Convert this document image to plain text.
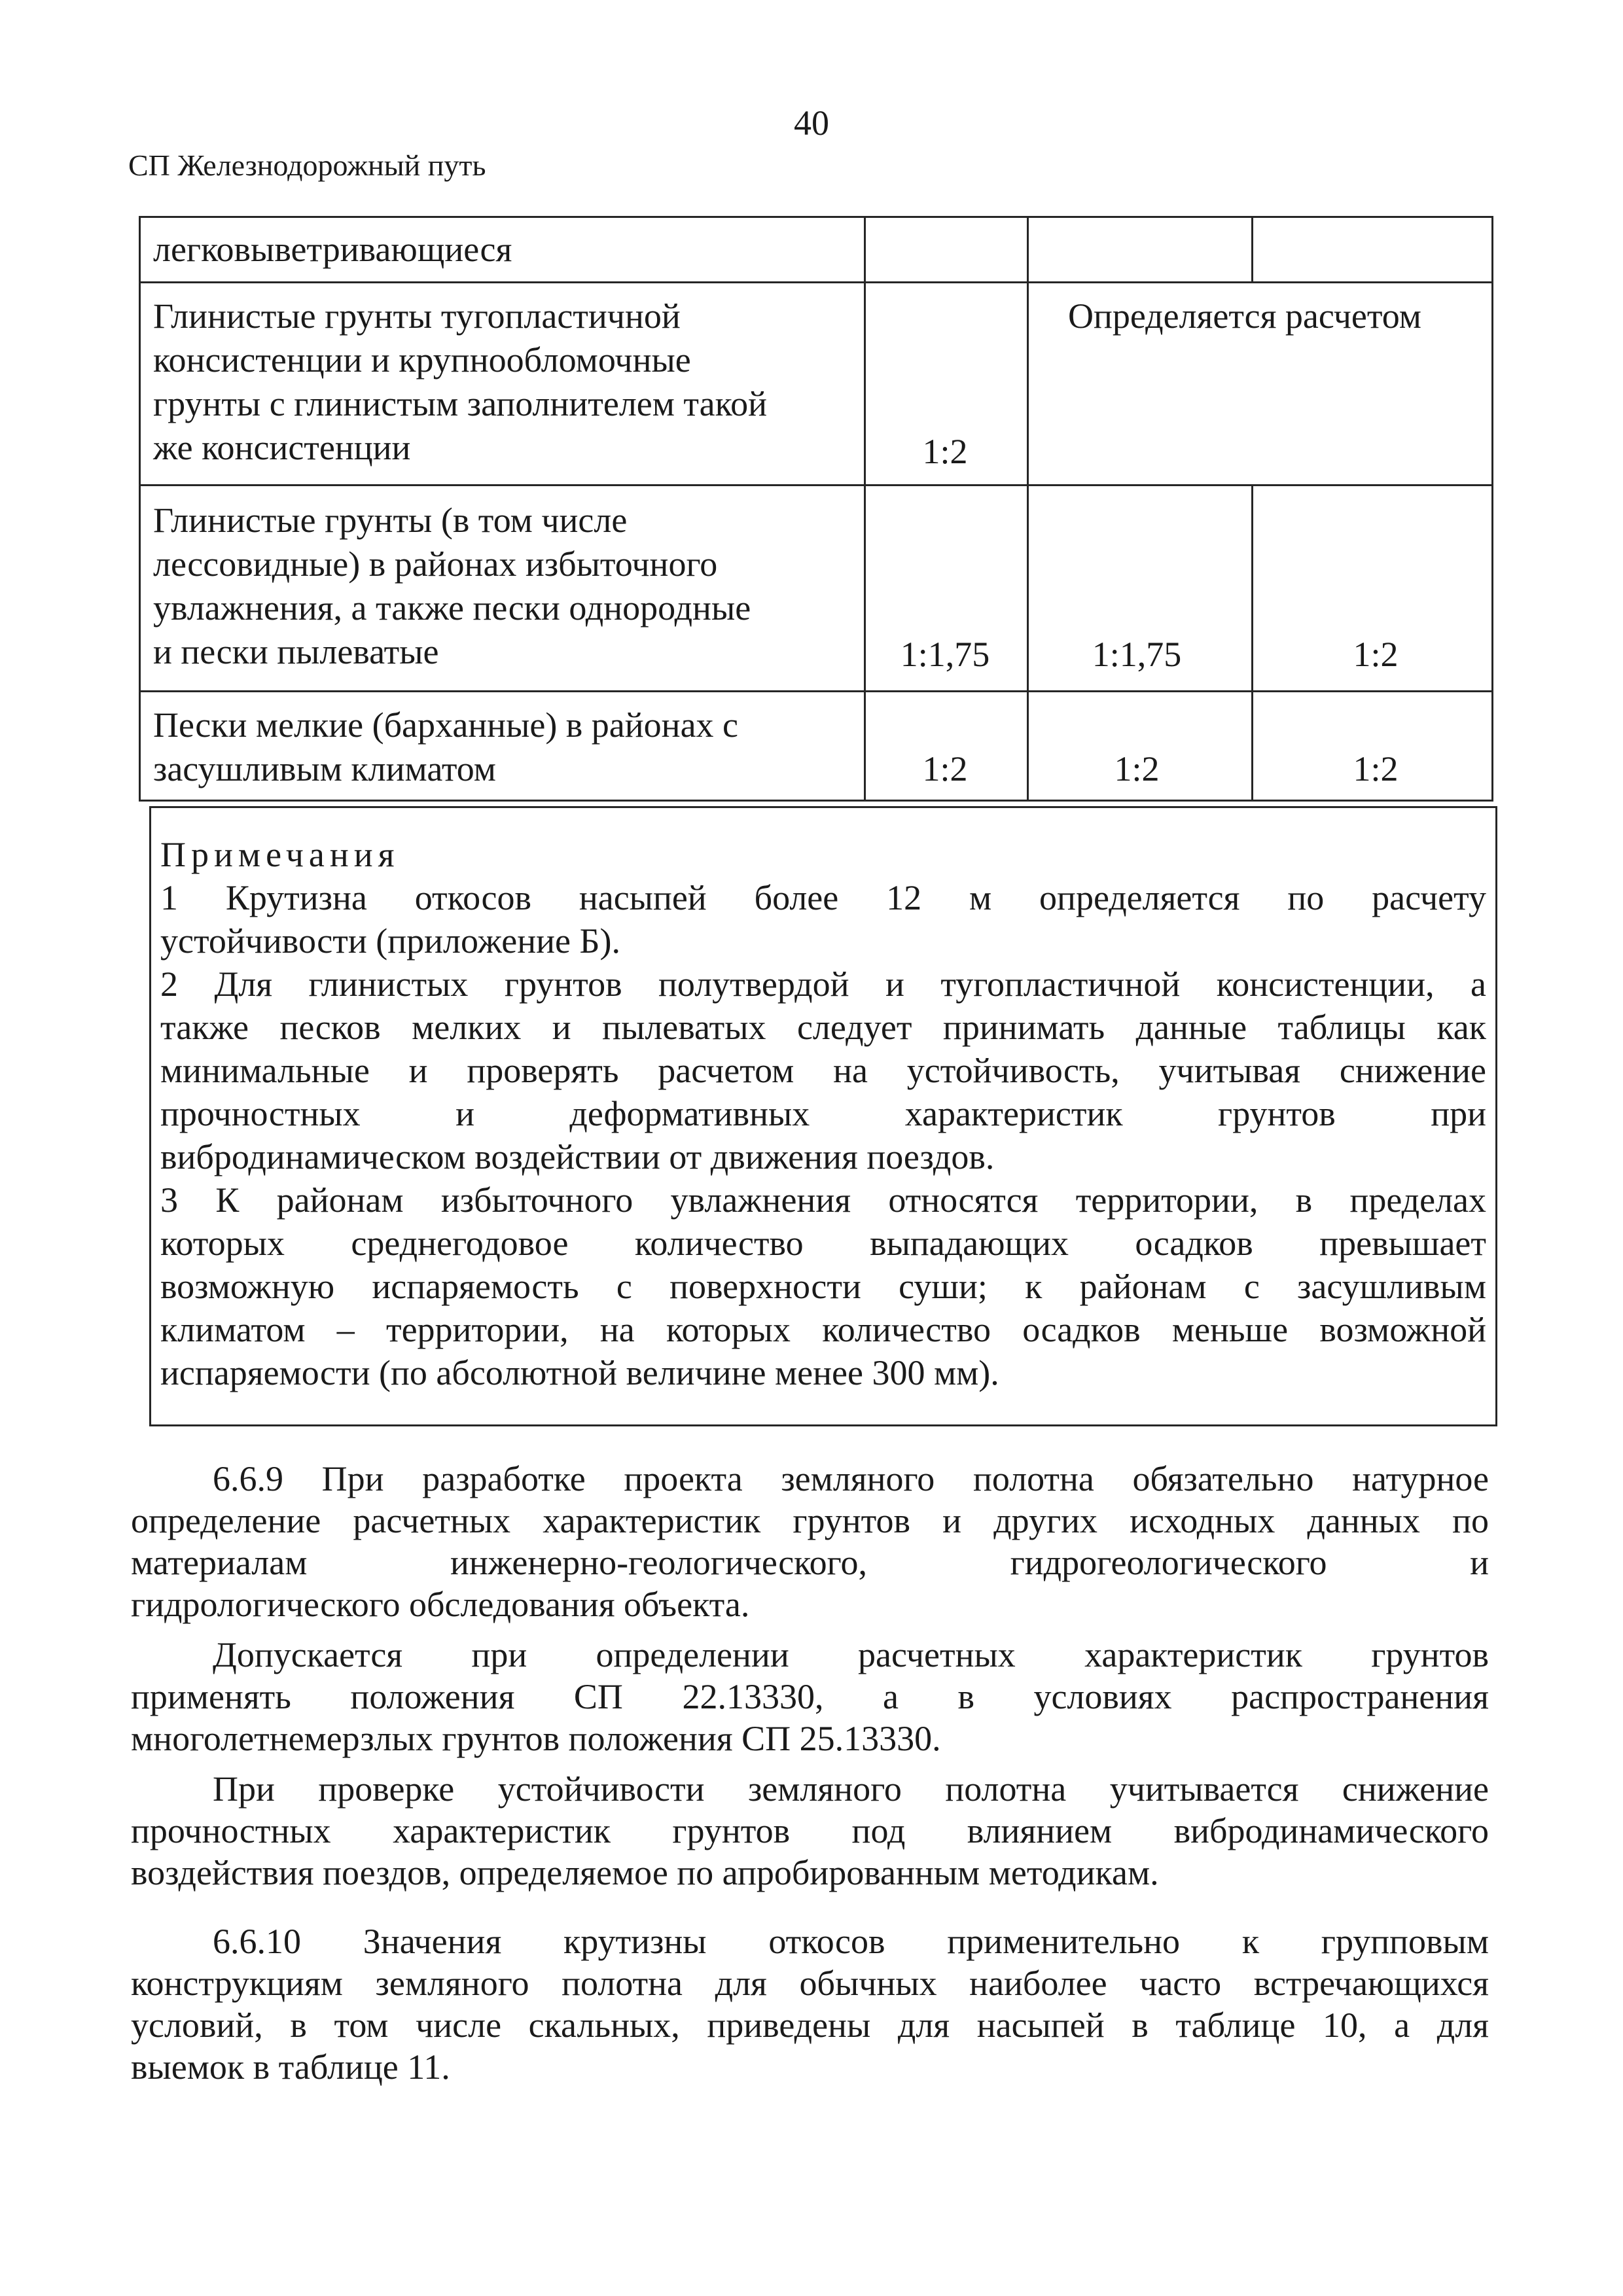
40
СП Железнодорожный путь
легковыветривающиеся
Глинистые грунты тугопластичной
консистенции и крупнообломочные
грунты с глинистым заполнителем такой
же консистенции	1:2
Определяется расчетом
Глинистые грунты (в том числе
лессовидные) в районах избыточного
увлажнения, а также пески однородные
и пески пылеватые	1:1,75	1:1,75	1:2
Пески мелкие (барханные) в районах с
засушливым климатом	1:2	1:2	1:2
Примечания
1 Крутизна откосов насыпей более 12 м определяется по расчету
устойчивости (приложение Б).
2 Для глинистых грунтов полутвердой и тугопластичной консистенции, а
также песков мелких и пылеватых следует принимать данные таблицы как
минимальные и проверять расчетом на устойчивость, учитывая снижение
прочностных и деформативных характеристик грунтов при
вибродинамическом воздействии от движения поездов.
3 К районам избыточного увлажнения относятся территории, в пределах
которых среднегодовое количество выпадающих осадков превышает
возможную испаряемость с поверхности суши; к районам с засушливым
климатом – территории, на которых количество осадков меньше возможной
испаряемости (по абсолютной величине менее 300 мм).
6.6.9 При разработке проекта земляного полотна обязательно натурное
определение расчетных характеристик грунтов и других исходных данных по
материалам инженерно-геологического, гидрогеологического и
гидрологического обследования объекта.
Допускается при определении расчетных характеристик грунтов
применять положения СП 22.13330, а в условиях распространения
многолетнемерзлых грунтов положения СП 25.13330.
При проверке устойчивости земляного полотна учитывается снижение
прочностных характеристик грунтов под влиянием вибродинамического
воздействия поездов, определяемое по апробированным методикам.
6.6.10 Значения крутизны откосов применительно к групповым
конструкциям земляного полотна для обычных наиболее часто встречающихся
условий, в том числе скальных, приведены для насыпей в таблице 10, а для
выемок в таблице 11.
